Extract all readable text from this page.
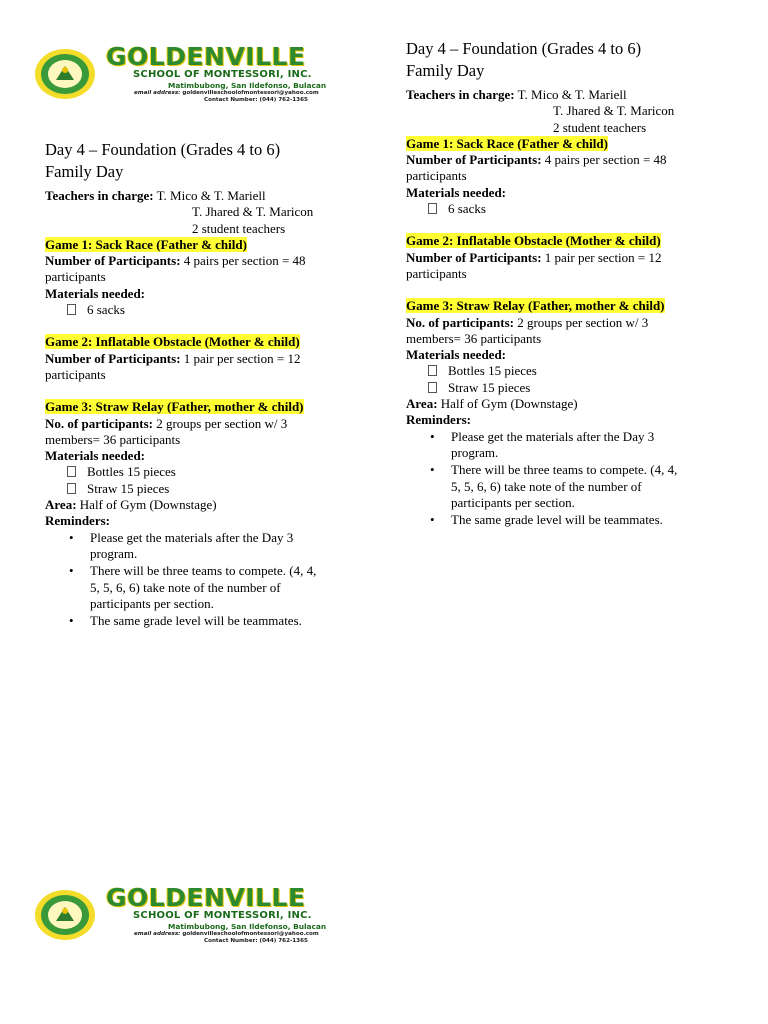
GOLDENVILLE
SCHOOL OF MONTESSORI, INC.
Matimbubong, San Ildefonso, Bulacan
email address: goldenvilleschoolofmontessori@yahoo.com
Contact Number: (044) 762-1365
GOLDENVILLE
SCHOOL OF MONTESSORI, INC.
Matimbubong, San Ildefonso, Bulacan
email address: goldenvilleschoolofmontessori@yahoo.com
Contact Number: (044) 762-1365
Day 4 – Foundation (Grades 4 to 6)
Family Day
Teachers in charge: T. Mico & T. Mariell
T. Jhared & T. Maricon
2 student teachers
Game 1: Sack Race (Father & child)
Number of Participants: 4 pairs per section = 48
participants
Materials needed:
6 sacks
Game 2: Inflatable Obstacle (Mother & child)
Number of Participants: 1 pair per section = 12
participants
Game 3: Straw Relay (Father, mother & child)
No. of participants: 2 groups per section w/ 3
members= 36 participants
Materials needed:
Bottles 15 pieces
Straw 15 pieces
Area: Half of Gym (Downstage)
Reminders:
• Please get the materials after the Day 3
program.
• There will be three teams to compete. (4, 4,
5, 5, 6, 6) take note of the number of
participants per section.
• The same grade level will be teammates.
Day 4 – Foundation (Grades 4 to 6)
Family Day
Teachers in charge: T. Mico & T. Mariell
T. Jhared & T. Maricon
2 student teachers
Game 1: Sack Race (Father & child)
Number of Participants: 4 pairs per section = 48
participants
Materials needed:
6 sacks
Game 2: Inflatable Obstacle (Mother & child)
Number of Participants: 1 pair per section = 12
participants
Game 3: Straw Relay (Father, mother & child)
No. of participants: 2 groups per section w/ 3
members= 36 participants
Materials needed:
Bottles 15 pieces
Straw 15 pieces
Area: Half of Gym (Downstage)
Reminders:
• Please get the materials after the Day 3
program.
• There will be three teams to compete. (4, 4,
5, 5, 6, 6) take note of the number of
participants per section.
• The same grade level will be teammates.
